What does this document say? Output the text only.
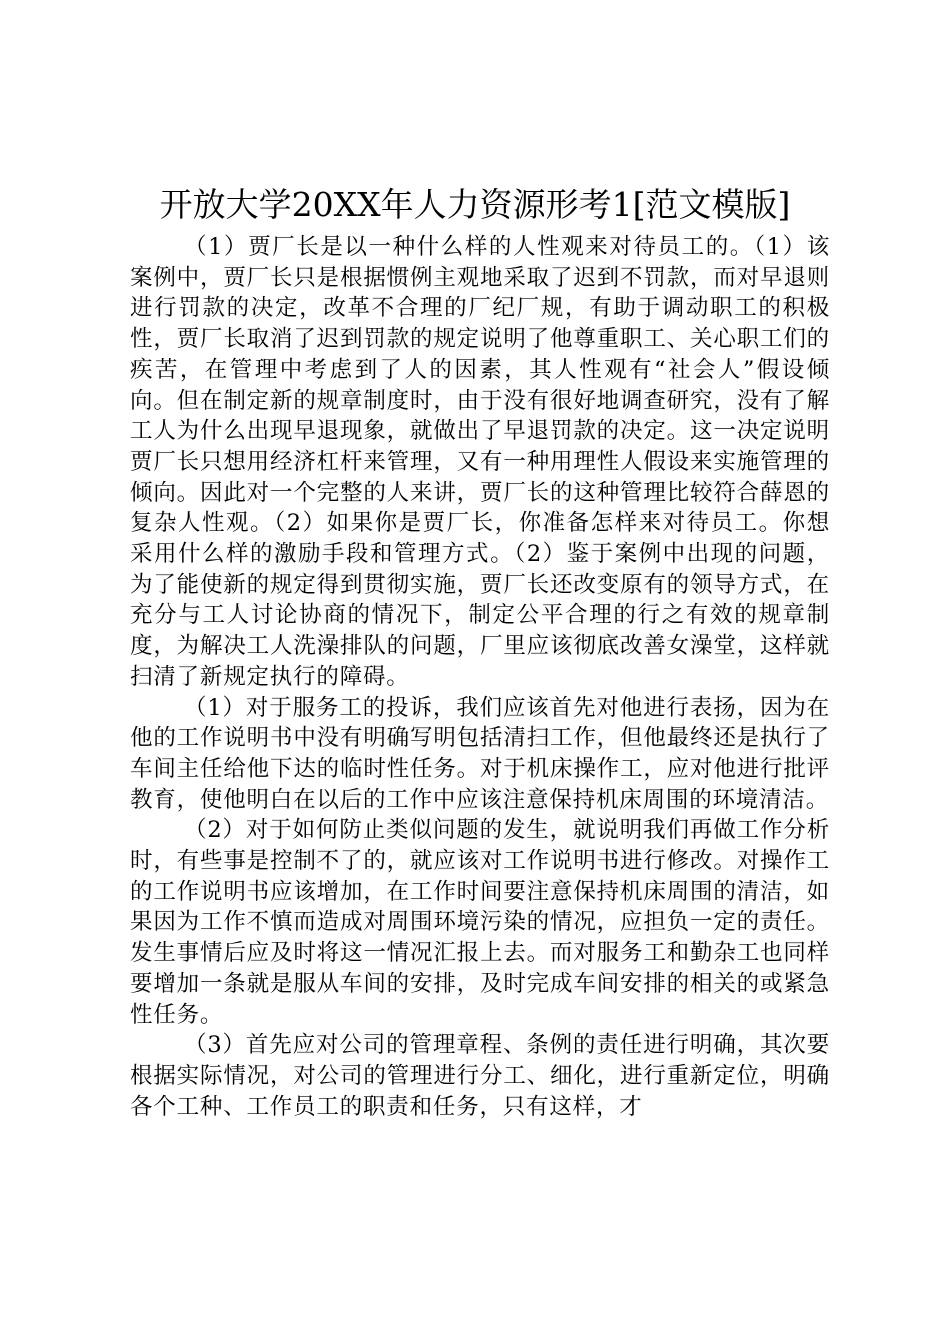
开放大学20XX年人力资源形考1[范文模版]

（1）贾厂长是以一种什么样的人性观来对待员工的。（1）该案例中，贾厂长只是根据惯例主观地采取了迟到不罚款，而对早退则进行罚款的决定，改革不合理的厂纪厂规，有助于调动职工的积极性，贾厂长取消了迟到罚款的规定说明了他尊重职工、关心职工们的疾苦，在管理中考虑到了人的因素，其人性观有“社会人”假设倾向。但在制定新的规章制度时，由于没有很好地调查研究，没有了解工人为什么出现早退现象，就做出了早退罚款的决定。这一决定说明贾厂长只想用经济杠杆来管理，又有一种用理性人假设来实施管理的倾向。因此对一个完整的人来讲，贾厂长的这种管理比较符合薛恩的复杂人性观。（2）如果你是贾厂长，你准备怎样来对待员工。你想采用什么样的激励手段和管理方式。（2）鉴于案例中出现的问题，为了能使新的规定得到贯彻实施，贾厂长还改变原有的领导方式，在充分与工人讨论协商的情况下，制定公平合理的行之有效的规章制度，为解决工人洗澡排队的问题，厂里应该彻底改善女澡堂，这样就扫清了新规定执行的障碍。

（1）对于服务工的投诉，我们应该首先对他进行表扬，因为在他的工作说明书中没有明确写明包括清扫工作，但他最终还是执行了车间主任给他下达的临时性任务。对于机床操作工，应对他进行批评教育，使他明白在以后的工作中应该注意保持机床周围的环境清洁。

（2）对于如何防止类似问题的发生，就说明我们再做工作分析时，有些事是控制不了的，就应该对工作说明书进行修改。对操作工的工作说明书应该增加，在工作时间要注意保持机床周围的清洁，如果因为工作不慎而造成对周围环境污染的情况，应担负一定的责任。发生事情后应及时将这一情况汇报上去。而对服务工和勤杂工也同样要增加一条就是服从车间的安排，及时完成车间安排的相关的或紧急性任务。

（3）首先应对公司的管理章程、条例的责任进行明确，其次要根据实际情况，对公司的管理进行分工、细化，进行重新定位，明确各个工种、工作员工的职责和任务，只有这样，才
